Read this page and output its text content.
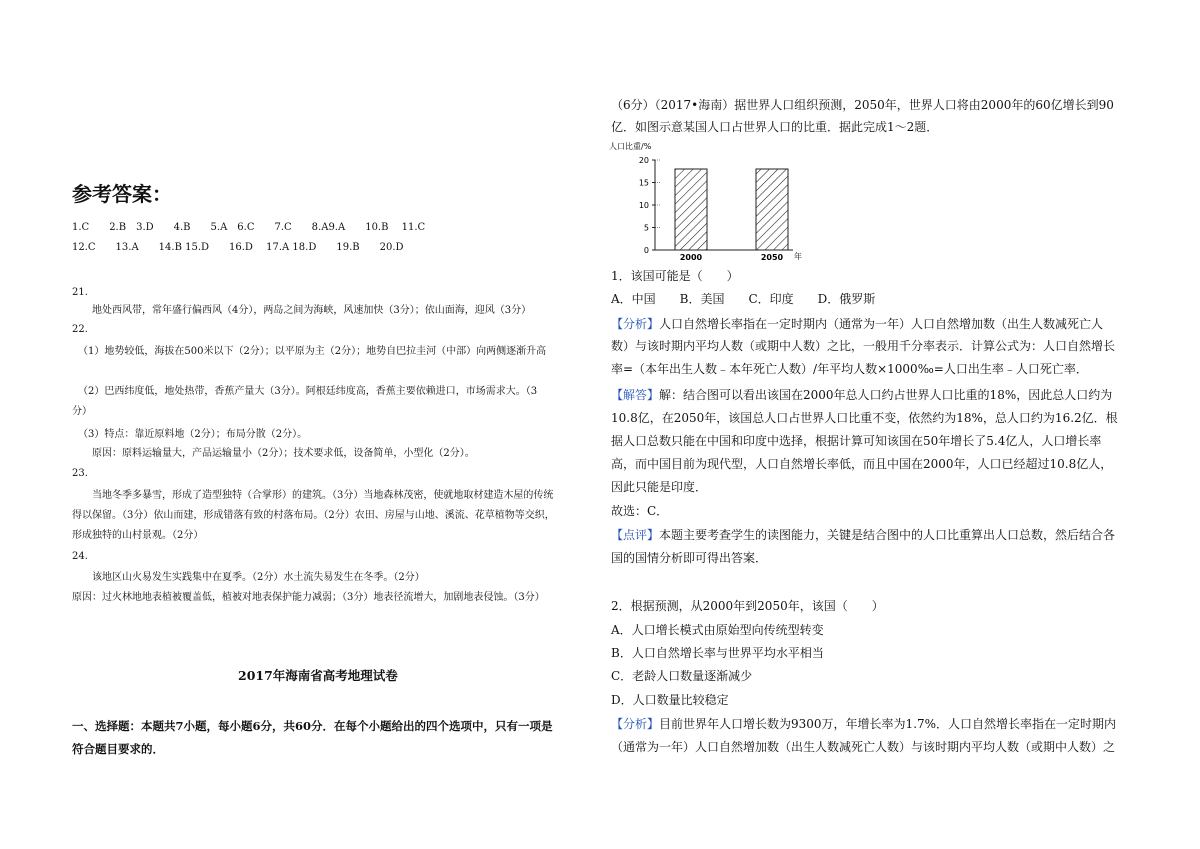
参考答案：
1.C　　2.B　3.D　　4.B　　5.A　6.C　　7.C　　8.A9.A　　10.B　 11.C
12.C　　13.A　　14.B 15.D　　16.D　 17.A 18.D　　19.B　　20.D
21.
地处西风带，常年盛行偏西风（4分），两岛之间为海峡，风速加快（3分）；依山面海，迎风（3分）
22.
（1）地势较低，海拔在500米以下（2分）；以平原为主（2分）；地势自巴拉圭河（中部）向两侧逐渐升高
（2）巴西纬度低，地处热带，香蕉产量大（3分）。阿根廷纬度高，香蕉主要依赖进口，市场需求大。（3
分）
（3）特点：靠近原料地（2分）；布局分散（2分）。
原因：原料运输量大，产品运输量小（2分）；技术要求低，设备简单，小型化（2分）。
23.
当地冬季多暴雪，形成了造型独特（合掌形）的建筑。（3分）当地森林茂密，使就地取材建造木屋的传统
得以保留。（3分）依山而建，形成错落有致的村落布局。（2分）农田、房屋与山地、溪流、花草植物等交织，
形成独特的山村景观。（2分）
24.
该地区山火易发生实践集中在夏季。（2分）水土流失易发生在冬季。（2分）
原因：过火林地地表植被覆盖低，植被对地表保护能力减弱；（3分）地表径流增大，加剧地表侵蚀。（3分）
2017年海南省高考地理试卷
一、选择题：本题共7小题，每小题6分，共60分．在每个小题给出的四个选项中，只有一项是
符合题目要求的．
（6分）（2017•海南）据世界人口组织预测，2050年，世界人口将由2000年的60亿增长到90
亿．如图示意某国人口占世界人口的比重．据此完成1～2题．
人口比重/%
0
5
10
15
20
2000	2050 年
1．该国可能是（　　）
A．中国　　B．美国　　C．印度　　D．俄罗斯
【分析】人口自然增长率指在一定时期内（通常为一年）人口自然增加数（出生人数减死亡人
数）与该时期内平均人数（或期中人数）之比，一般用千分率表示．计算公式为：人口自然增长
率=（本年出生人数﹣本年死亡人数）/年平均人数×1000‰=人口出生率﹣人口死亡率．
【解答】解：结合图可以看出该国在2000年总人口约占世界人口比重的18%，因此总人口约为
10.8亿，在2050年，该国总人口占世界人口比重不变，依然约为18%，总人口约为16.2亿．根
据人口总数只能在中国和印度中选择，根据计算可知该国在50年增长了5.4亿人，人口增长率
高，而中国目前为现代型，人口自然增长率低，而且中国在2000年，人口已经超过10.8亿人，
因此只能是印度．
故选：C．
【点评】本题主要考查学生的读图能力，关键是结合图中的人口比重算出人口总数，然后结合各
国的国情分析即可得出答案．
2．根据预测，从2000年到2050年，该国（　　）
A．人口增长模式由原始型向传统型转变
B．人口自然增长率与世界平均水平相当
C．老龄人口数量逐渐减少
D．人口数量比较稳定
【分析】目前世界年人口增长数为9300万，年增长率为1.7%．人口自然增长率指在一定时期内
（通常为一年）人口自然增加数（出生人数减死亡人数）与该时期内平均人数（或期中人数）之
